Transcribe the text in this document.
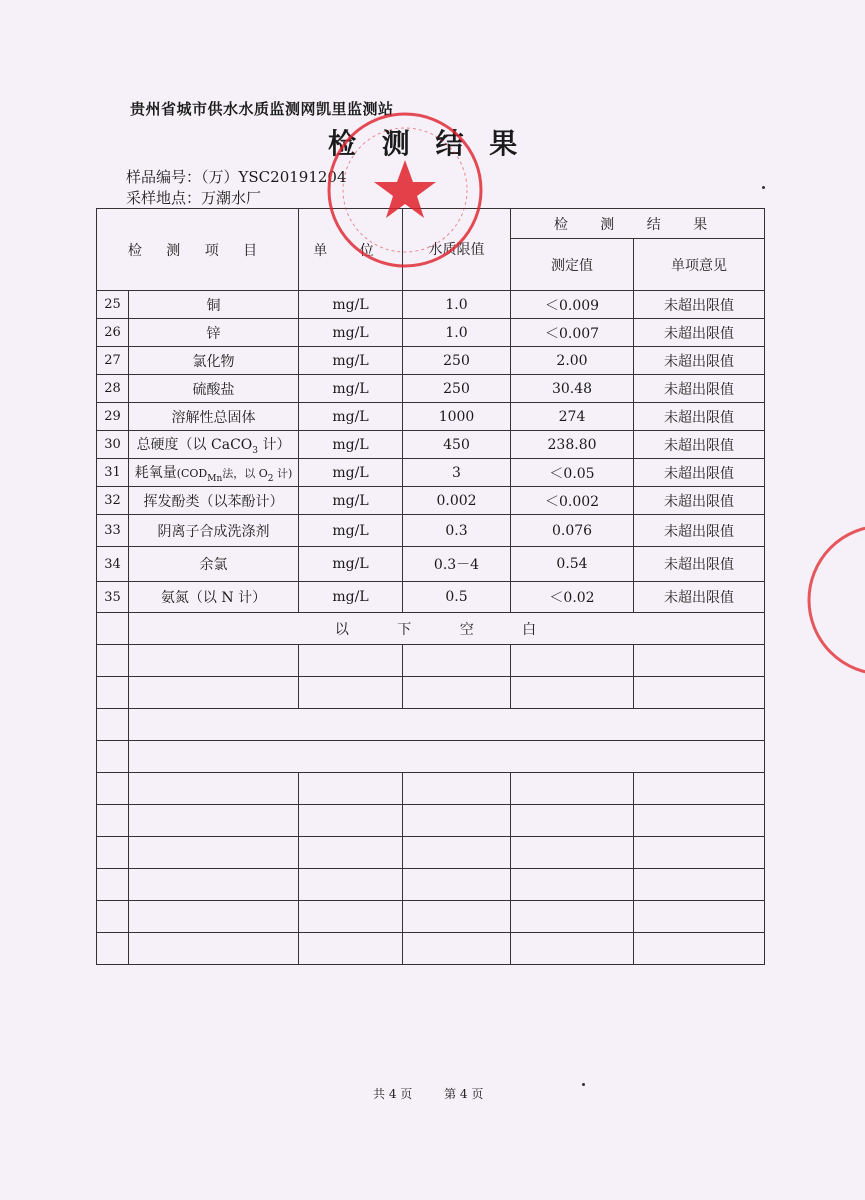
贵州省城市供水水质监测网凯里监测站
检 测 结 果
样品编号：（万）YSC20191204
采样地点：万潮水厂
检 测 项 目		单 位	水质限值	检 测 结 果	
				测定值	单项意见
25	铜	mg/L	1.0	＜0.009	未超出限值
26	锌	mg/L	1.0	＜0.007	未超出限值
27	氯化物	mg/L	250	2.00	未超出限值
28	硫酸盐	mg/L	250	30.48	未超出限值
29	溶解性总固体	mg/L	1000	274	未超出限值
30	总硬度（以 CaCO$_3$ 计）	mg/L	450	238.80	未超出限值
31	耗氧量($COD_{Mn}$法，以 $O_2$ 计)	mg/L	3	＜0.05	未超出限值
32	挥发酚类（以苯酚计）	mg/L	0.002	＜0.002	未超出限值
33	阴离子合成洗涤剂	mg/L	0.3	0.076	未超出限值
34	余氯	mg/L	0.3－4	0.54	未超出限值
35	氨氮（以 N 计）	mg/L	0.5	＜0.02	未超出限值
	以 下 空 白				

共 4 页	第 4 页
